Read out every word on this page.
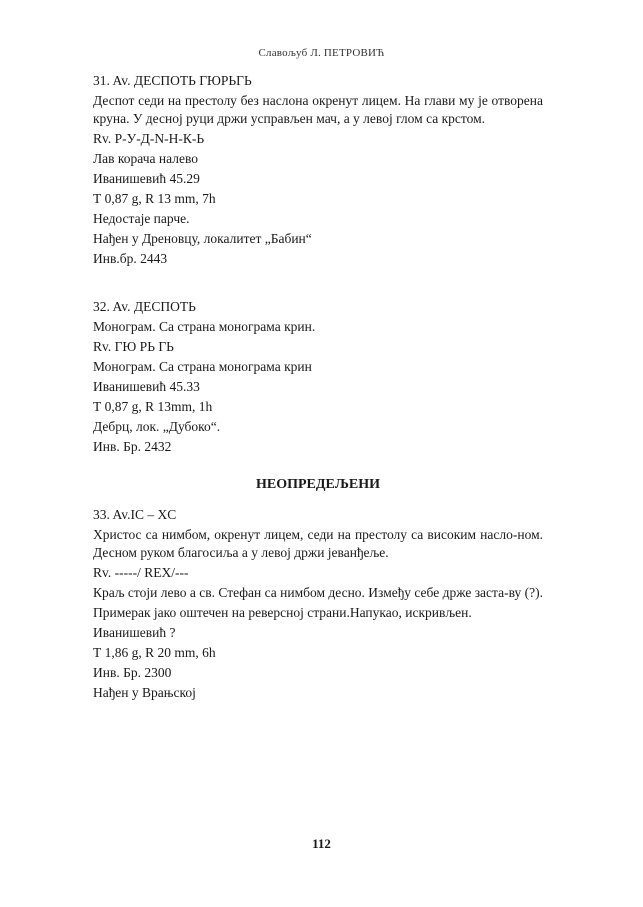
Славољуб Л. ПЕТРОВИЋ
31. Av. ДЕСПОТЬ ГЮРЬГЬ
Деспот седи на престолу без наслона окренут лицем. На глави му је отворена круна. У десној руци држи усправљен мач, а у левој глом са крстом.
Rv. Р-У-Д-N-Н-К-Ь
Лав корача налево
Иванишевић 45.29
Т 0,87 g, R 13 mm, 7h
Недостаје парче.
Нађен у Дреновцу, локалитет „Бабин“
Инв.бр. 2443
32. Av. ДЕСПОТЬ
Монограм. Са страна монограма крин.
Rv. ГЮ РЬ ГЬ
Монограм. Са страна монограма крин
Иванишевић 45.33
Т 0,87 g, R 13mm, 1h
Дебрц, лок. „Дубоко“.
Инв. Бр. 2432
НЕОПРЕДЕЉЕНИ
33. Av.IC – XC
Христос са нимбом, окренут лицем, седи на престолу са високим насло-ном. Десном руком благосиља а у левој држи јеванђеље.
Rv. -----/ REX/---
Краљ стоји лево а св. Стефан са нимбом десно. Између себе држе заста-ву (?).
Примерак јако оштечен на реверсној страни.Напукао, искривљен.
Иванишевић ?
Т 1,86 g, R 20 mm, 6h
Инв. Бр. 2300
Нађен у Врањској
112
